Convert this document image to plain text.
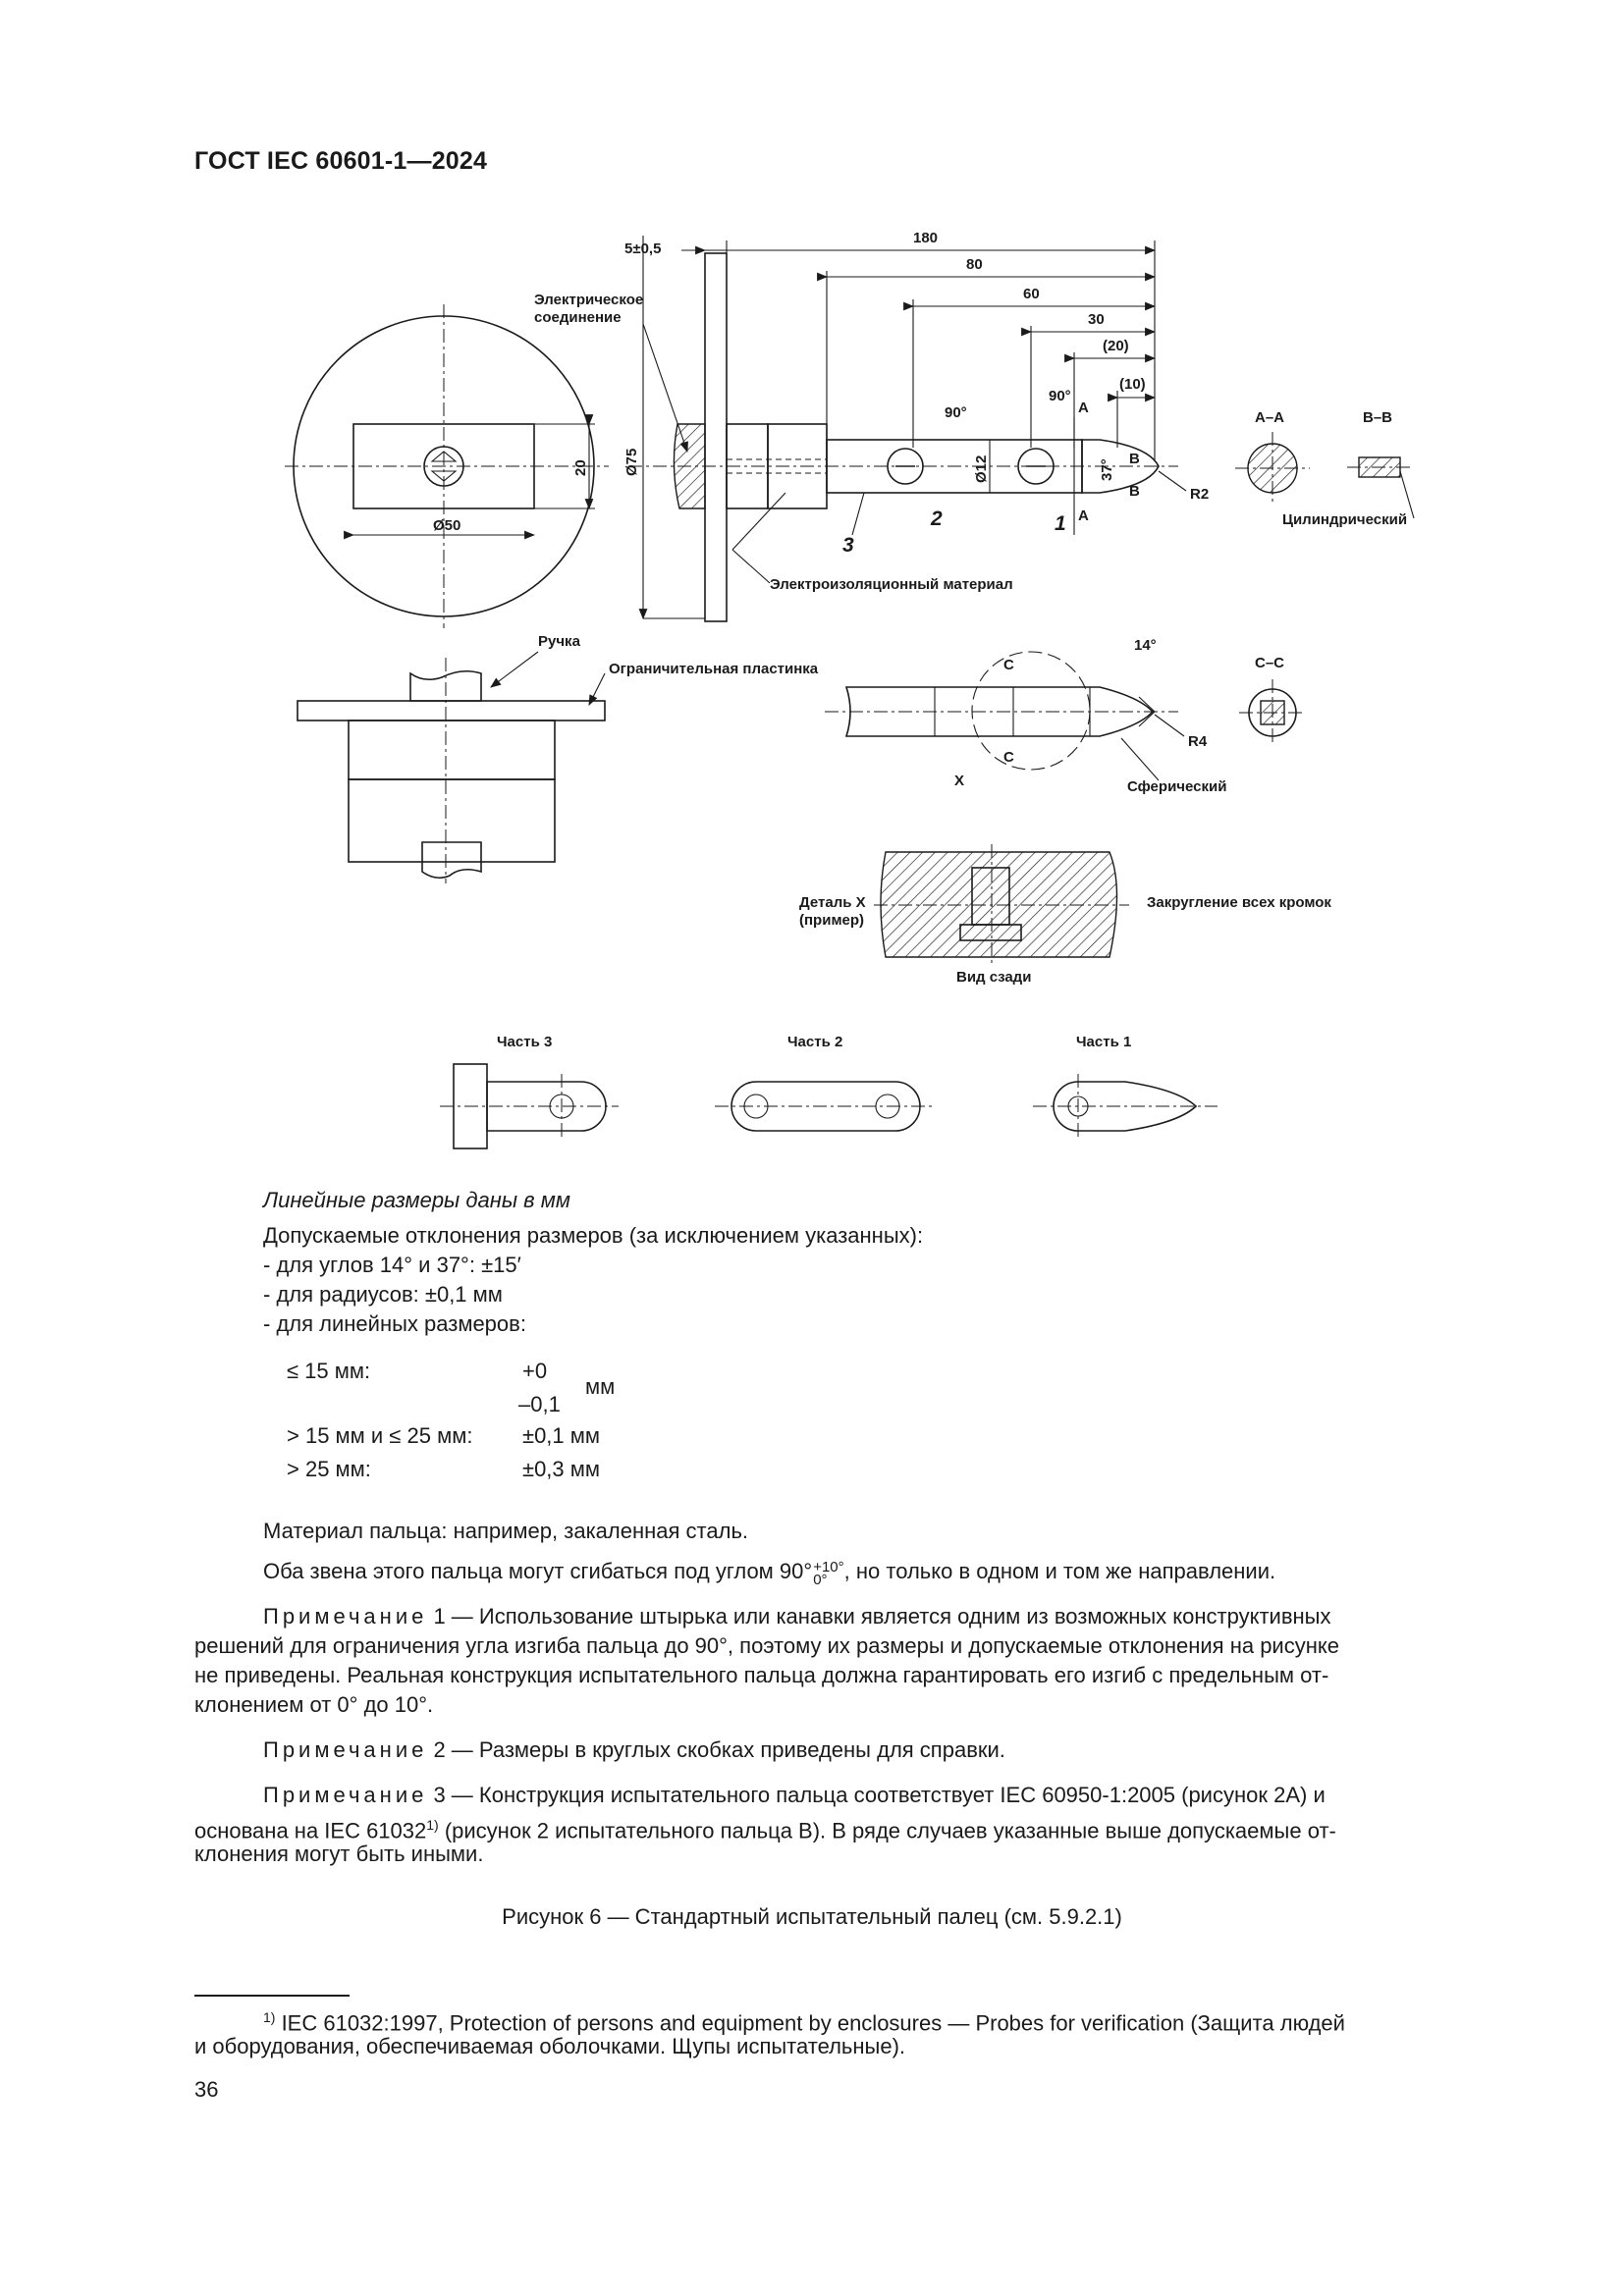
ГОСТ IEC 60601-1—2024
Ø50
20 Ø75
180
80
60
30
(20)
(10)
5±0,5
90°
90°
Ø12	37°
R2
A
A
B
B
1
2
3
Электрическое
соединение
Электроизоляционный материал
A–A	B–B
Цилиндрический
Ручка
Ограничительная пластинка	C
C
X
14°
R4
Сферический
C–C
Деталь X
(пример)
Закругление всех кромок
Вид сзади
Часть 3	Часть 2	Часть 1
Линейные размеры даны в мм
Допускаемые отклонения размеров (за исключением указанных):
- для углов 14° и 37°: ±15′
- для радиусов: ±0,1 мм
- для линейных размеров:
≤ 15 мм:	+0
–0,1
мм
> 15 мм и ≤ 25 мм: ±0,1 мм
> 25 мм:	±0,3 мм
Материал пальца: например, закаленная сталь.
Оба звена этого пальца могут сгибаться под углом 90°+10°
0° , но только в одном и том же направлении.
Примечание 1 — Использование штырька или канавки является одним из возможных конструктивных
решений для ограничения угла изгиба пальца до 90°, поэтому их размеры и допускаемые отклонения на рисунке
не приведены. Реальная конструкция испытательного пальца должна гарантировать его изгиб с предельным от-
клонением от 0° до 10°.
Примечание 2 — Размеры в круглых скобках приведены для справки.
Примечание 3 — Конструкция испытательного пальца соответствует IEC 60950-1:2005 (рисунок 2А) и
основана на IEC 61032$^{1)}$ (рисунок 2 испытательного пальца В). В ряде случаев указанные выше допускаемые от-
клонения могут быть иными.
Рисунок 6 — Стандартный испытательный палец (см. 5.9.2.1)
$^{1)}$ IEC 61032:1997, Protection of persons and equipment by enclosures — Probes for verification (Защита людей
и оборудования, обеспечиваемая оболочками. Щупы испытательные).
36
